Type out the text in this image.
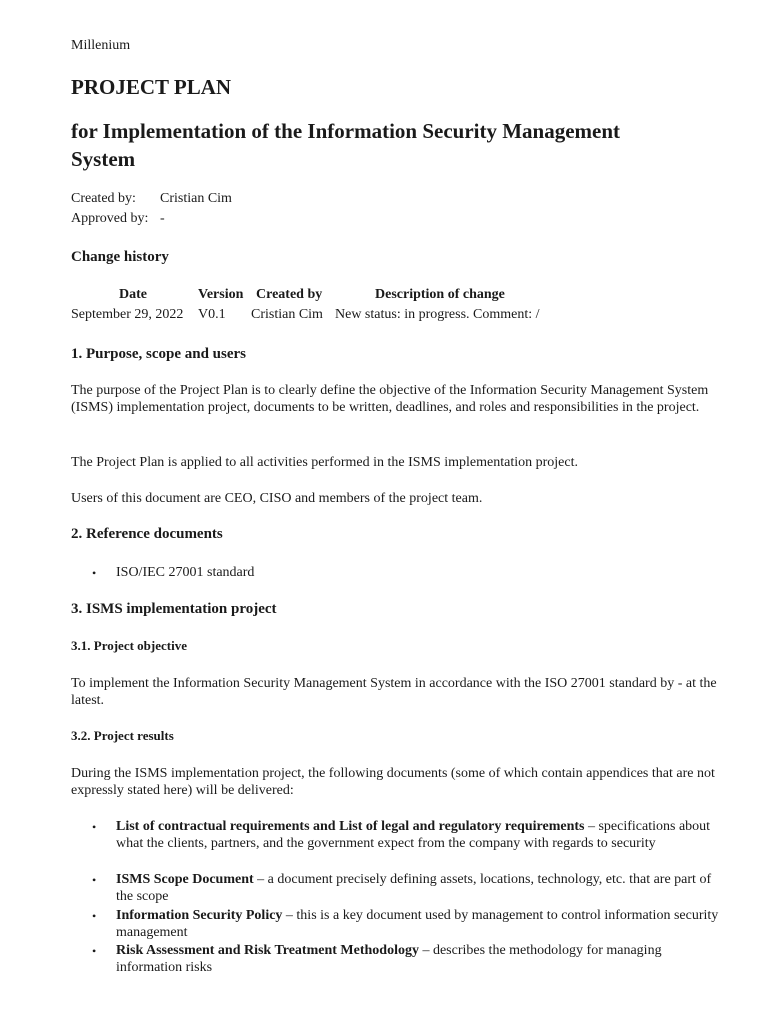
Millenium
PROJECT PLAN
for Implementation of the Information Security Management
System
Created by: Cristian Cim
Approved by: -
Change history
Date	Version Created by	Description of change
September 29, 2022 V0.1 Cristian Cim New status: in progress. Comment: /
1. Purpose, scope and users
The purpose of the Project Plan is to clearly define the objective of the Information Security Management System (ISMS) implementation project, documents to be written, deadlines, and roles and responsibilities in the project.
The Project Plan is applied to all activities performed in the ISMS implementation project.
Users of this document are CEO, CISO and members of the project team.
2. Reference documents
• ISO/IEC 27001 standard
3. ISMS implementation project
3.1. Project objective
To implement the Information Security Management System in accordance with the ISO 27001 standard by - at the latest.
3.2. Project results
During the ISMS implementation project, the following documents (some of which contain appendices that are not expressly stated here) will be delivered:
• List of contractual requirements and List of legal and regulatory requirements – specifications about what the clients, partners, and the government expect from the company with regards to security
• ISMS Scope Document – a document precisely defining assets, locations, technology, etc. that are part of the scope
• Information Security Policy – this is a key document used by management to control information security management
• Risk Assessment and Risk Treatment Methodology – describes the methodology for managing information risks
